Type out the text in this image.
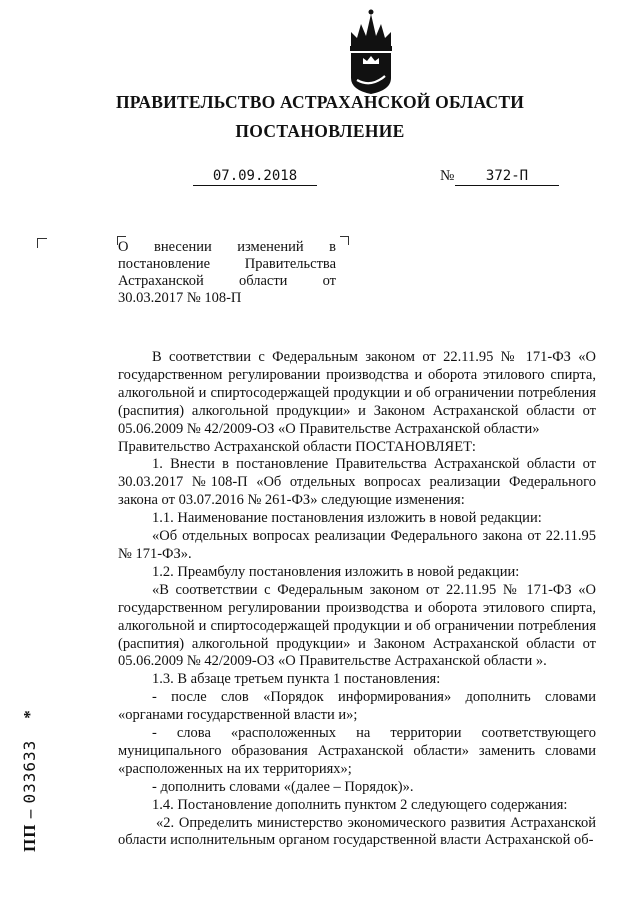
ПРАВИТЕЛЬСТВО АСТРАХАНСКОЙ ОБЛАСТИ
ПОСТАНОВЛЕНИЕ
07.09.2018	№	372-П
О внесении изменений в постановление Правительства Астраханской области от 30.03.2017 № 108-П

В соответствии с Федеральным законом от 22.11.95 № 171-ФЗ «О государственном регулировании производства и оборота этилового спирта, алкогольной и спиртосодержащей продукции и об ограничении потребления (распития) алкогольной продукции» и Законом Астраханской области от 05.06.2009 № 42/2009-ОЗ «О Правительстве Астраханской области»

Правительство Астраханской области ПОСТАНОВЛЯЕТ:

1. Внести в постановление Правительства Астраханской области от 30.03.2017 №108-П «Об отдельных вопросах реализации Федерального закона от 03.07.2016 № 261-ФЗ» следующие изменения:

1.1. Наименование постановления изложить в новой редакции:

«Об отдельных вопросах реализации Федерального закона от 22.11.95 № 171-ФЗ».

1.2. Преамбулу постановления изложить в новой редакции:

«В соответствии с Федеральным законом от 22.11.95 № 171-ФЗ «О государственном регулировании производства и оборота этилового спирта, алкогольной и спиртосодержащей продукции и об ограничении потребления (распития) алкогольной продукции» и Законом Астраханской области от 05.06.2009 № 42/2009-ОЗ «О Правительстве Астраханской области ».

1.3. В абзаце третьем пункта 1 постановления:

- после слов «Порядок информирования» дополнить словами «органами государственной власти и»;

- слова «расположенных на территории соответствующего муниципального образования Астраханской области» заменить словами «расположенных на их территориях»;

- дополнить словами «(далее – Порядок)».

1.4. Постановление дополнить пунктом 2 следующего содержания:

«2. Определить министерство экономического развития Астраханской области исполнительным органом государственной власти Астраханской об-

ПП – 033633    *
